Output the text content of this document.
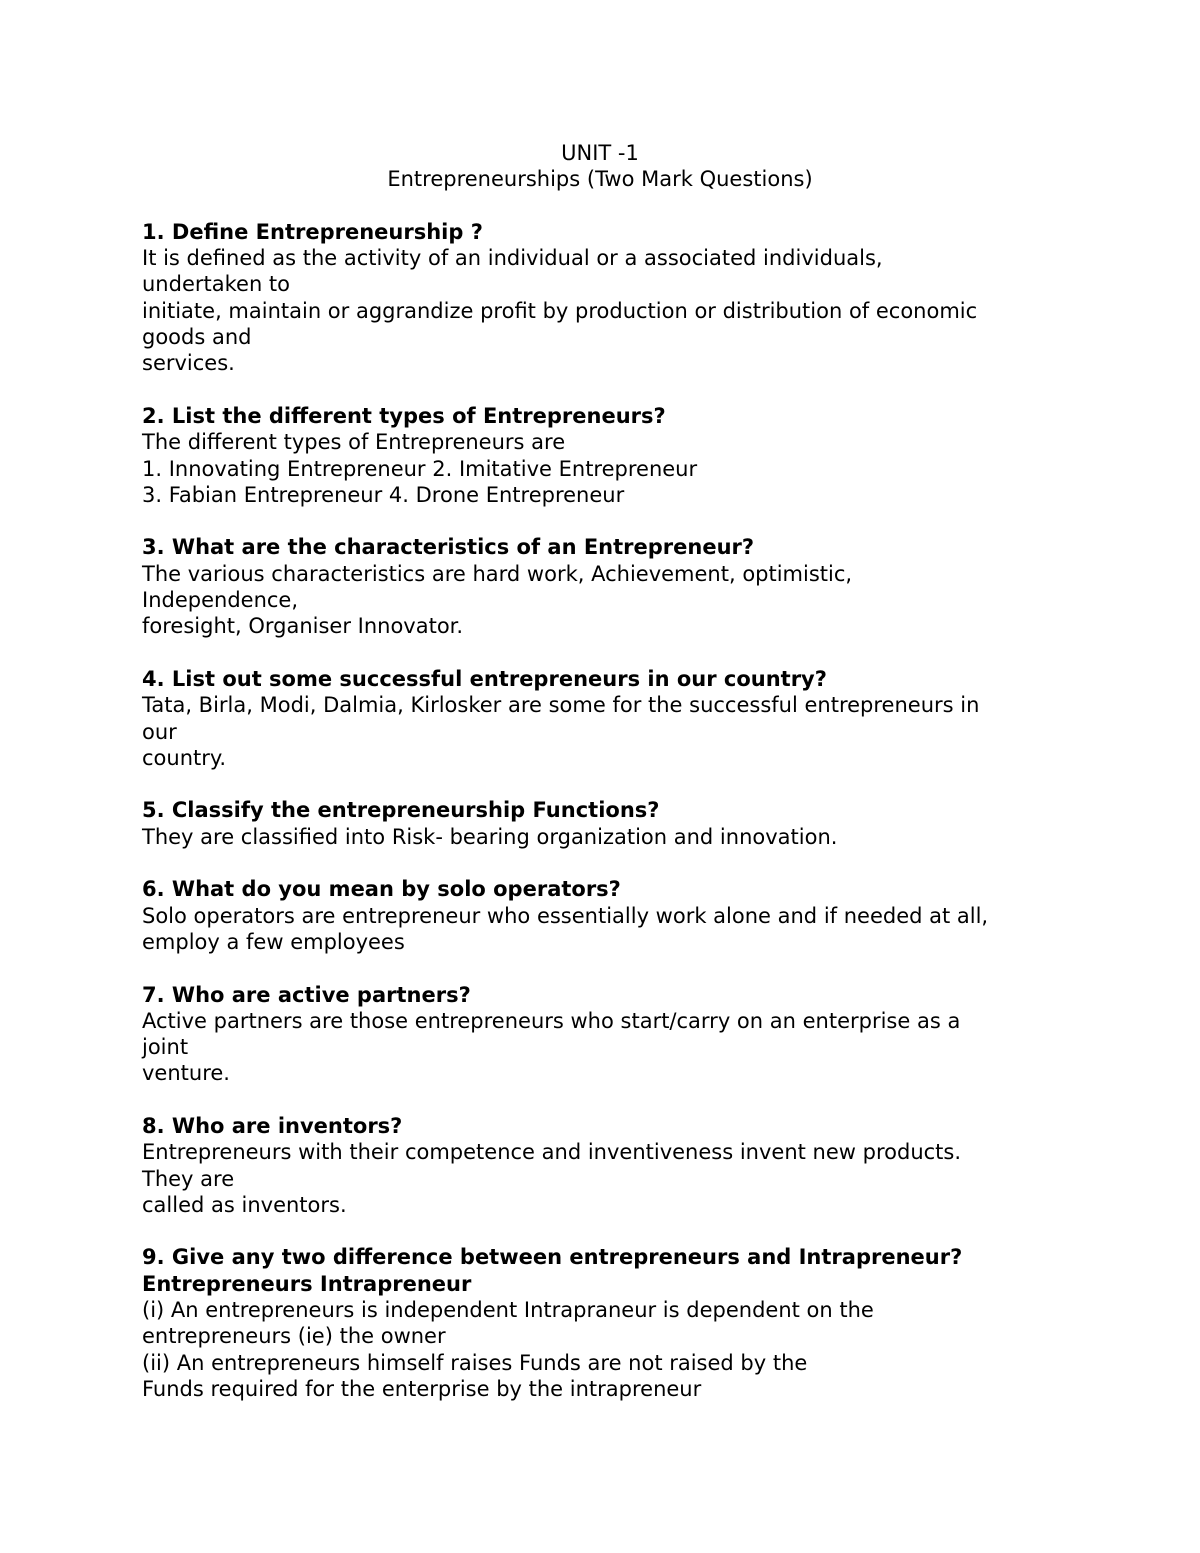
UNIT -1
Entrepreneurships (Two Mark Questions)
1. Define Entrepreneurship ?
It is defined as the activity of an individual or a associated individuals,
undertaken to
initiate, maintain or aggrandize profit by production or distribution of economic
goods and
services.
2. List the different types of Entrepreneurs?
The different types of Entrepreneurs are
1. Innovating Entrepreneur 2. Imitative Entrepreneur
3. Fabian Entrepreneur 4. Drone Entrepreneur
3. What are the characteristics of an Entrepreneur?
The various characteristics are hard work, Achievement, optimistic,
Independence,
foresight, Organiser Innovator.
4. List out some successful entrepreneurs in our country?
Tata, Birla, Modi, Dalmia, Kirlosker are some for the successful entrepreneurs in
our
country.
5. Classify the entrepreneurship Functions?
They are classified into Risk- bearing organization and innovation.
6. What do you mean by solo operators?
Solo operators are entrepreneur who essentially work alone and if needed at all,
employ a few employees
7. Who are active partners?
Active partners are those entrepreneurs who start/carry on an enterprise as a
joint
venture.
8. Who are inventors?
Entrepreneurs with their competence and inventiveness invent new products.
They are
called as inventors.
9. Give any two difference between entrepreneurs and Intrapreneur?
Entrepreneurs Intrapreneur
(i) An entrepreneurs is independent Intrapraneur is dependent on the
entrepreneurs (ie) the owner
(ii) An entrepreneurs himself raises Funds are not raised by the
Funds required for the enterprise by the intrapreneur
